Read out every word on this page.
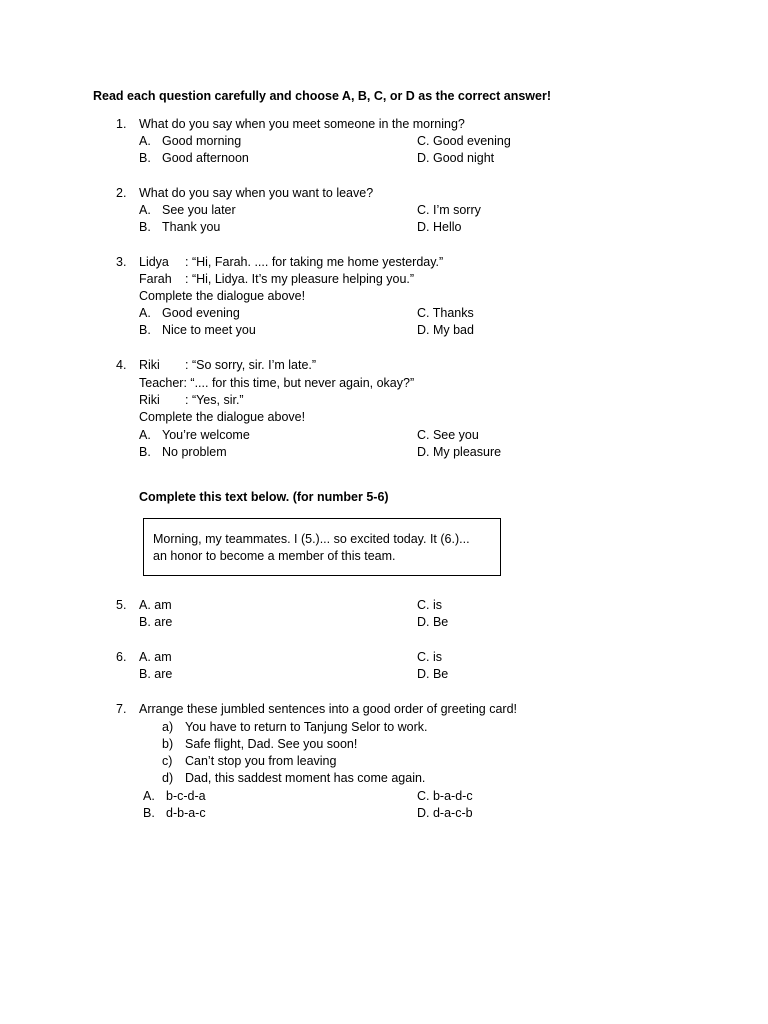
Read each question carefully and choose A, B, C, or D as the correct answer!
1. What do you say when you meet someone in the morning?
A. Good morning
B. Good afternoon
C. Good evening
D. Good night
2. What do you say when you want to leave?
A. See you later
B. Thank you
C. I’m sorry
D. Hello
3. Lidya : “Hi, Farah. .... for taking me home yesterday.”
Farah : “Hi, Lidya. It’s my pleasure helping you.”
Complete the dialogue above!
A. Good evening
B. Nice to meet you
C. Thanks
D. My bad
4. Riki : “So sorry, sir. I’m late.”
Teacher: “.... for this time, but never again, okay?”
Riki : “Yes, sir.”
Complete the dialogue above!
A. You’re welcome
B. No problem
C. See you
D. My pleasure
Complete this text below. (for number 5-6)
Morning, my teammates. I (5.)... so excited today. It (6.)...
an honor to become a member of this team.
5. A. am
B. are
C. is
D. Be
6. A. am
B. are
C. is
D. Be
7. Arrange these jumbled sentences into a good order of greeting card!
a) You have to return to Tanjung Selor to work.
b) Safe flight, Dad. See you soon!
c) Can’t stop you from leaving
d) Dad, this saddest moment has come again.
A. b-c-d-a
B. d-b-a-c
C. b-a-d-c
D. d-a-c-b
